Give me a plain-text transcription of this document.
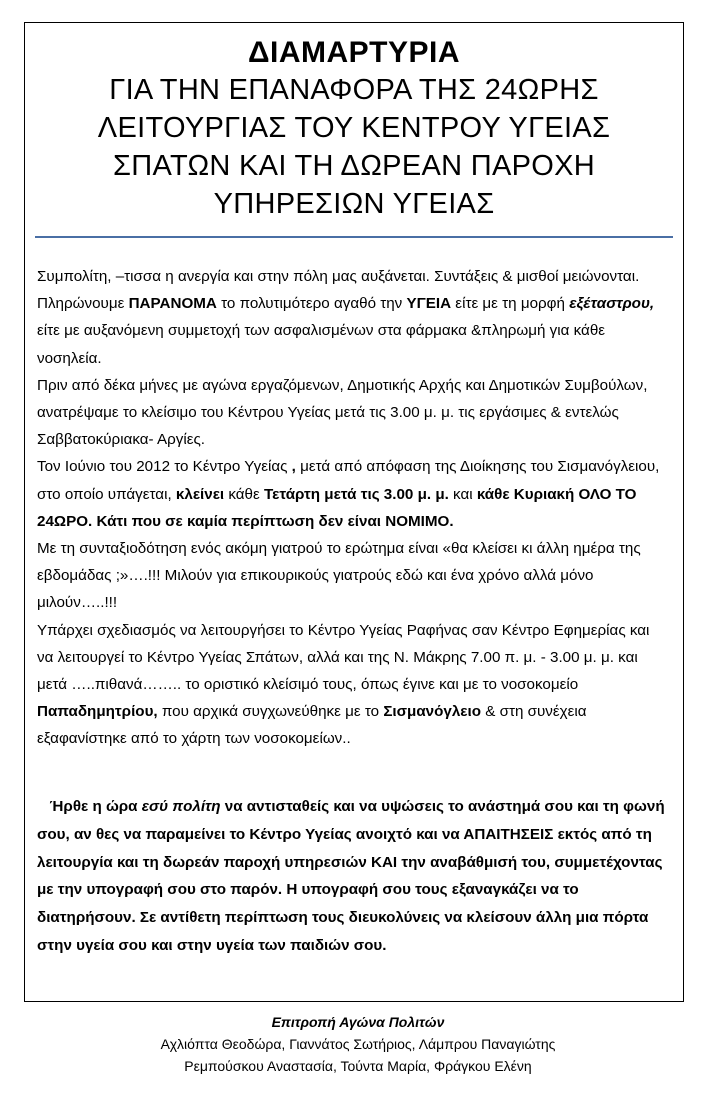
ΔΙΑΜΑΡΤΥΡΙΑ
ΓΙΑ ΤΗΝ ΕΠΑΝΑΦΟΡΑ ΤΗΣ 24ΩΡΗΣ
ΛΕΙΤΟΥΡΓΙΑΣ ΤΟΥ ΚΕΝΤΡΟΥ ΥΓΕΙΑΣ
ΣΠΑΤΩΝ ΚΑΙ ΤΗ ΔΩΡΕΑΝ ΠΑΡΟΧΗ
ΥΠΗΡΕΣΙΩΝ ΥΓΕΙΑΣ

Συμπολίτη, –τισσα η ανεργία και στην πόλη μας αυξάνεται. Συντάξεις & μισθοί μειώνονται. Πληρώνουμε ΠΑΡΑΝΟΜΑ το πολυτιμότερο αγαθό την ΥΓΕΙΑ είτε με τη μορφή εξέταστρου, είτε με αυξανόμενη συμμετοχή των ασφαλισμένων στα φάρμακα &πληρωμή για κάθε νοσηλεία.

Πριν από δέκα μήνες με αγώνα εργαζόμενων, Δημοτικής Αρχής και Δημοτικών Συμβούλων, ανατρέψαμε το κλείσιμο του Κέντρου Υγείας μετά τις 3.00 μ. μ. τις εργάσιμες & εντελώς Σαββατοκύριακα- Αργίες.

Τον Ιούνιο του 2012 το Κέντρο Υγείας , μετά από απόφαση της Διοίκησης του Σισμανόγλειου, στο οποίο υπάγεται, κλείνει κάθε Τετάρτη μετά τις 3.00 μ. μ. και κάθε Κυριακή ΟΛΟ ΤΟ 24ΩΡΟ. Κάτι που σε καμία περίπτωση δεν είναι ΝΟΜΙΜΟ.

Με τη συνταξιοδότηση ενός ακόμη γιατρού το ερώτημα είναι «θα κλείσει κι άλλη ημέρα της εβδομάδας ;»….!!! Μιλούν για επικουρικούς γιατρούς εδώ και ένα χρόνο αλλά μόνο μιλούν…..!!!

Υπάρχει σχεδιασμός να λειτουργήσει το Κέντρο Υγείας Ραφήνας σαν Κέντρο Εφημερίας και να λειτουργεί το Κέντρο Υγείας Σπάτων, αλλά και της Ν. Μάκρης 7.00 π. μ. - 3.00 μ. μ. και μετά …..πιθανά…….. το οριστικό κλείσιμό τους, όπως έγινε και με το νοσοκομείο Παπαδημητρίου, που αρχικά συγχωνεύθηκε με το Σισμανόγλειο & στη συνέχεια εξαφανίστηκε από το χάρτη των νοσοκομείων..

Ήρθε η ώρα εσύ πολίτη να αντισταθείς και να υψώσεις το ανάστημά σου και τη φωνή σου, αν θες να παραμείνει το Κέντρο Υγείας ανοιχτό και να ΑΠΑΙΤΗΣΕΙΣ εκτός από τη λειτουργία και τη δωρεάν παροχή υπηρεσιών ΚΑΙ την αναβάθμισή του, συμμετέχοντας με την υπογραφή σου στο παρόν. Η υπογραφή σου τους εξαναγκάζει να το διατηρήσουν. Σε αντίθετη περίπτωση τους διευκολύνεις να κλείσουν άλλη μια πόρτα στην υγεία σου και στην υγεία των παιδιών σου.

Επιτροπή Αγώνα Πολιτών
Αχλιόπτα Θεοδώρα, Γιαννάτος Σωτήριος, Λάμπρου Παναγιώτης
Ρεμπούσκου Αναστασία, Τούντα Μαρία, Φράγκου Ελένη
